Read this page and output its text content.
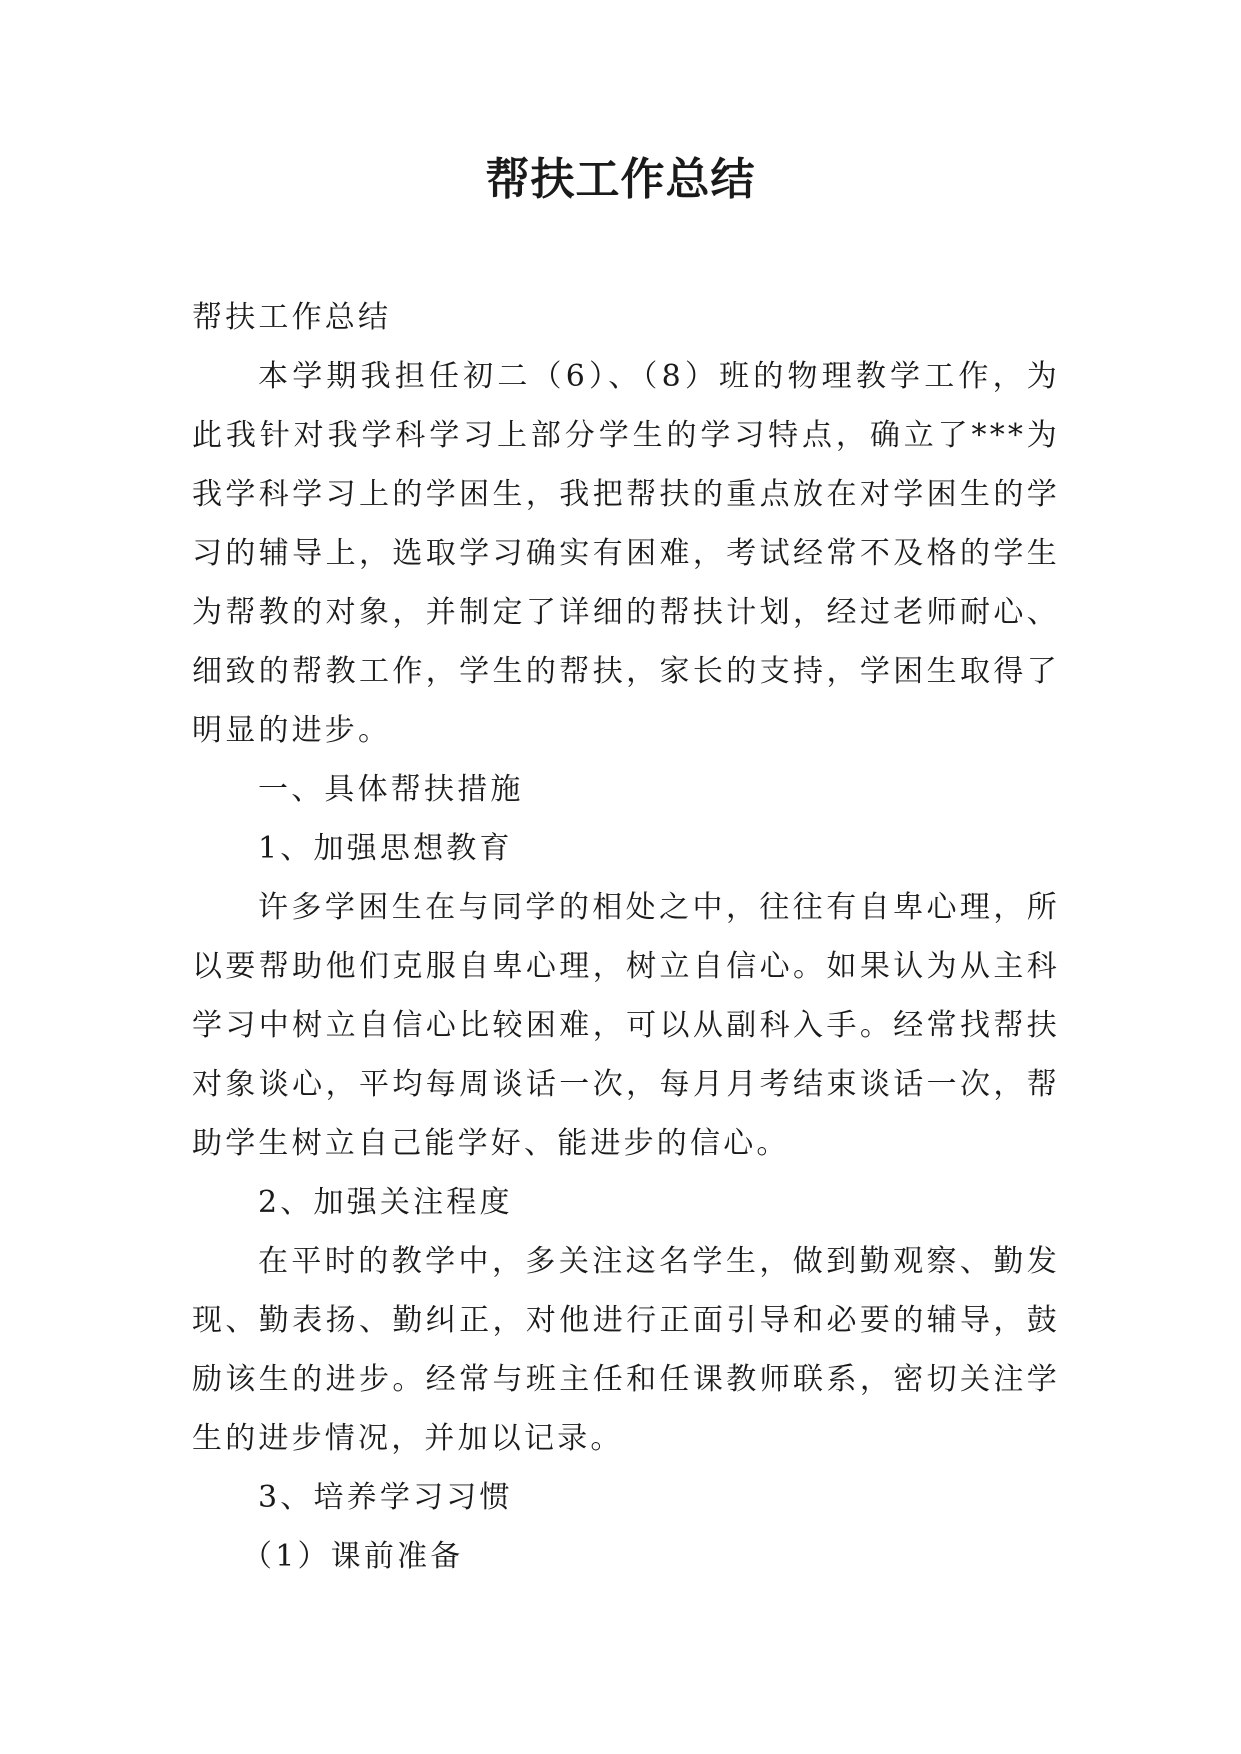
帮扶工作总结

帮扶工作总结

本学期我担任初二（6）、（8）班的物理教学工作，为此我针对我学科学习上部分学生的学习特点，确立了***为我学科学习上的学困生，我把帮扶的重点放在对学困生的学习的辅导上，选取学习确实有困难，考试经常不及格的学生为帮教的对象，并制定了详细的帮扶计划，经过老师耐心、细致的帮教工作，学生的帮扶，家长的支持，学困生取得了明显的进步。

一、具体帮扶措施

1、加强思想教育

许多学困生在与同学的相处之中，往往有自卑心理，所以要帮助他们克服自卑心理，树立自信心。如果认为从主科学习中树立自信心比较困难，可以从副科入手。经常找帮扶对象谈心，平均每周谈话一次，每月月考结束谈话一次，帮助学生树立自己能学好、能进步的信心。

2、加强关注程度

在平时的教学中，多关注这名学生，做到勤观察、勤发现、勤表扬、勤纠正，对他进行正面引导和必要的辅导，鼓励该生的进步。经常与班主任和任课教师联系，密切关注学生的进步情况，并加以记录。

3、培养学习习惯

（1）课前准备
